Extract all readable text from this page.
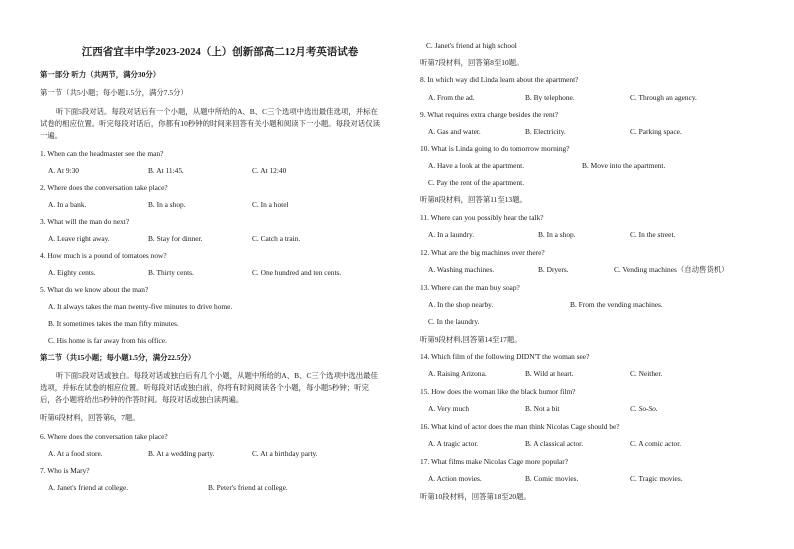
江西省宜丰中学2023-2024（上）创新部高二12月考英语试卷
第一部分 听力（共两节，满分30分）
第一节（共5小题；每小题1.5分，满分7.5分）
听下面5段对话。每段对话后有一个小题，从题中所给的A、B、C三个选项中选出最佳选项，并标在试卷的相应位置。听完每段对话后，你都有10秒钟的时间来回答有关小题和阅读下一小题。每段对话仅读一遍。
1. When can the headmaster see the man?
A. At 9:30	B. At 11:45.	C. At 12:40
2. Where does the conversation take place?
A. In a bank.	B. In a shop.	C. In a hotel
3. What will the man do next?
A. Leave right away.	B. Stay for dinner.	C. Catch a train.
4. How much is a pound of tomatoes now?
A. Eighty cents.	B. Thirty cents.	C. One hundred and ten cents.
5. What do we know about the man?
A. It always takes the man twenty-five minutes to drive home.
B. It sometimes takes the man fifty minutes.
C. His home is far away from his office.
第二节（共15小题；每小题1.5分，满分22.5分）
听下面5段对话或独白。每段对话或独白后有几个小题，从题中所给的A、B、C三个选项中选出最佳选项，并标在试卷的相应位置。听每段对话或独白前，你将有时间阅读各个小题，每小题5秒钟；听完后，各小题将给出5秒钟的作答时间。每段对话或独白读两遍。
听第6段材料，回答第6，7题。
6. Where does the conversation take place?
A. At a food store.	B. At a wedding party.	C. At a birthday party.
7. Who is Mary?
A. Janet's friend at college.	B. Peter's friend at college.
C. Janet's friend at high school
听第7段材料，回答第8至10题。
8. In which way did Linda learn about the apartment?
A. From the ad.	B. By telephone.	C. Through an agency.
9. What requires extra charge besides the rent?
A. Gas and water.	B. Electricity.	C. Parking space.
10. What is Linda going to do tomorrow morning?
A. Have a look at the apartment.	B. Move into the apartment.
C. Pay the rent of the apartment.
听第8段材料，回答第11至13题。
11. Where can you possibly hear the talk?
A. In a laundry.	B. In a shop.	C. In the street.
12. What are the big machines over there?
A. Washing machines.	B. Dryers.	C. Vending machines（自动售货机）
13. Where can the man buy soap?
A. In the shop nearby.	B. From the vending machines.
C. In the laundry.
听第9段材料,回答第14至17题。
14. Which film of the following DIDN'T the woman see?
A. Raising Arizona.	B. Wild at heart.	C. Neither.
15. How does the woman like the black humor film?
A. Very much	B. Not a bit	C. So-So.
16. What kind of actor does the man think Nicolas Cage should be?
A. A tragic actor.	B. A classical actor.	C. A comic actor.
17. What films make Nicolas Cage more popular?
A. Action movies.	B. Comic movies.	C. Tragic movies.
听第10段材料，回答第18至20题。
